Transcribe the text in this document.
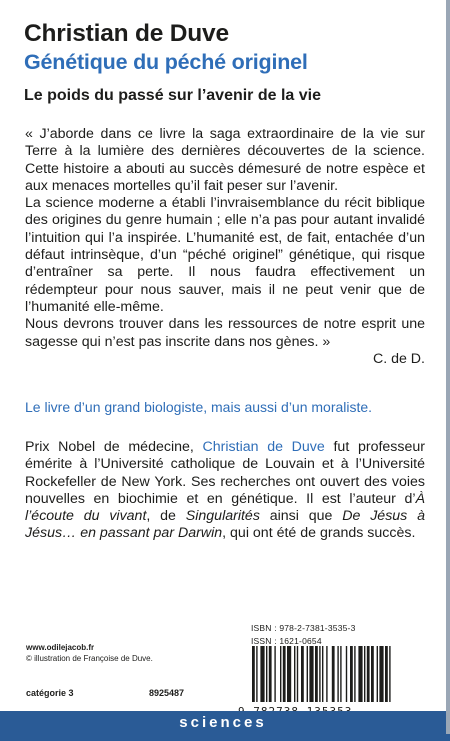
Christian de Duve
Génétique du péché originel
Le poids du passé sur l’avenir de la vie

« J’aborde dans ce livre la saga extraordinaire de la vie sur Terre à la lumière des dernières découvertes de la science. Cette histoire a abouti au succès démesuré de notre espèce et aux menaces mortelles qu’il fait peser sur l’avenir.

La science moderne a établi l’invraisemblance du récit biblique des origines du genre humain ; elle n’a pas pour autant invalidé l’intuition qui l’a inspirée. L’humanité est, de fait, entachée d’un défaut intrinsèque, d’un “péché originel” génétique, qui risque d’entraîner sa perte. Il nous faudra effectivement un rédempteur pour nous sauver, mais il ne peut venir que de l’humanité elle-même.

Nous devrons trouver dans les ressources de notre esprit une sagesse qui n’est pas inscrite dans nos gènes. »

C. de D.

Le livre d’un grand biologiste, mais aussi d’un moraliste.
Prix Nobel de médecine, Christian de Duve fut professeur émérite à l’Université catholique de Louvain et à l’Université Rockefeller de New York. Ses recherches ont ouvert des voies nouvelles en biochimie et en génétique. Il est l’auteur d’À l’écoute du vivant, de Singularités ainsi que De Jésus à Jésus… en passant par Darwin, qui ont été de grands succès.
www.odilejacob.fr
© illustration de Françoise de Duve.
catégorie 3	8925487
ISBN : 978-2-7381-3535-3
ISSN : 1621-0654
sciences
